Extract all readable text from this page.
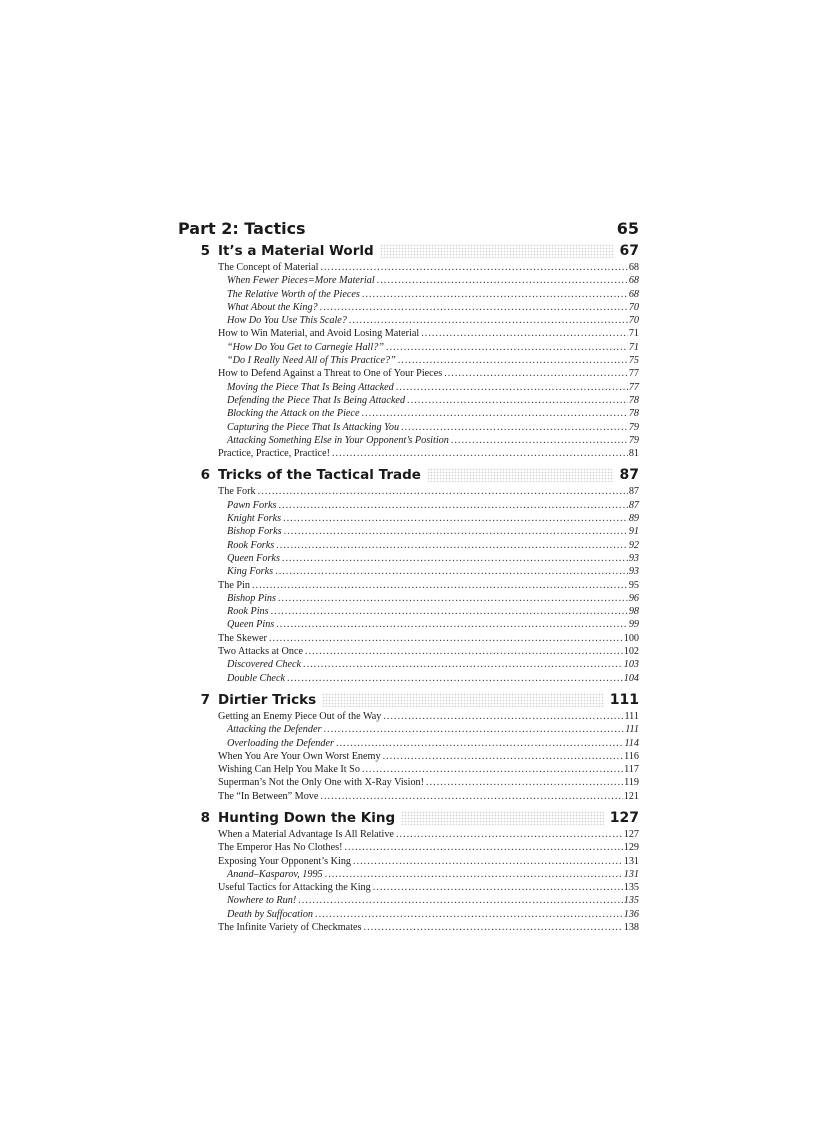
Part 2: Tactics	65
5 It’s a Material World	67
The Concept of Material .....	68
When Fewer Pieces=More Material .....	68
The Relative Worth of the Pieces .....	68
What About the King? .....	70
How Do You Use This Scale? .....	70
How to Win Material, and Avoid Losing Material .....	71
“How Do You Get to Carnegie Hall?” .....	71
“Do I Really Need All of This Practice?” .....	75
How to Defend Against a Threat to One of Your Pieces .....	77
Moving the Piece That Is Being Attacked .....	77
Defending the Piece That Is Being Attacked .....	78
Blocking the Attack on the Piece .....	78
Capturing the Piece That Is Attacking You .....	79
Attacking Something Else in Your Opponent’s Position .....	79
Practice, Practice, Practice! .....	81
6 Tricks of the Tactical Trade	87
The Fork .....	87
Pawn Forks .....	87
Knight Forks .....	89
Bishop Forks .....	91
Rook Forks .....	92
Queen Forks .....	93
King Forks .....	93
The Pin .....	95
Bishop Pins .....	96
Rook Pins .....	98
Queen Pins .....	99
The Skewer .....	100
Two Attacks at Once .....	102
Discovered Check .....	103
Double Check .....	104
7 Dirtier Tricks	111
Getting an Enemy Piece Out of the Way .....	111
Attacking the Defender .....	111
Overloading the Defender .....	114
When You Are Your Own Worst Enemy .....	116
Wishing Can Help You Make It So .....	117
Superman’s Not the Only One with X-Ray Vision! .....	119
The “In Between” Move .....	121
8 Hunting Down the King	127
When a Material Advantage Is All Relative .....	127
The Emperor Has No Clothes! .....	129
Exposing Your Opponent’s King .....	131
Anand–Kasparov, 1995 .....	131
Useful Tactics for Attacking the King .....	135
Nowhere to Run! .....	135
Death by Suffocation .....	136
The Infinite Variety of Checkmates .....	138
